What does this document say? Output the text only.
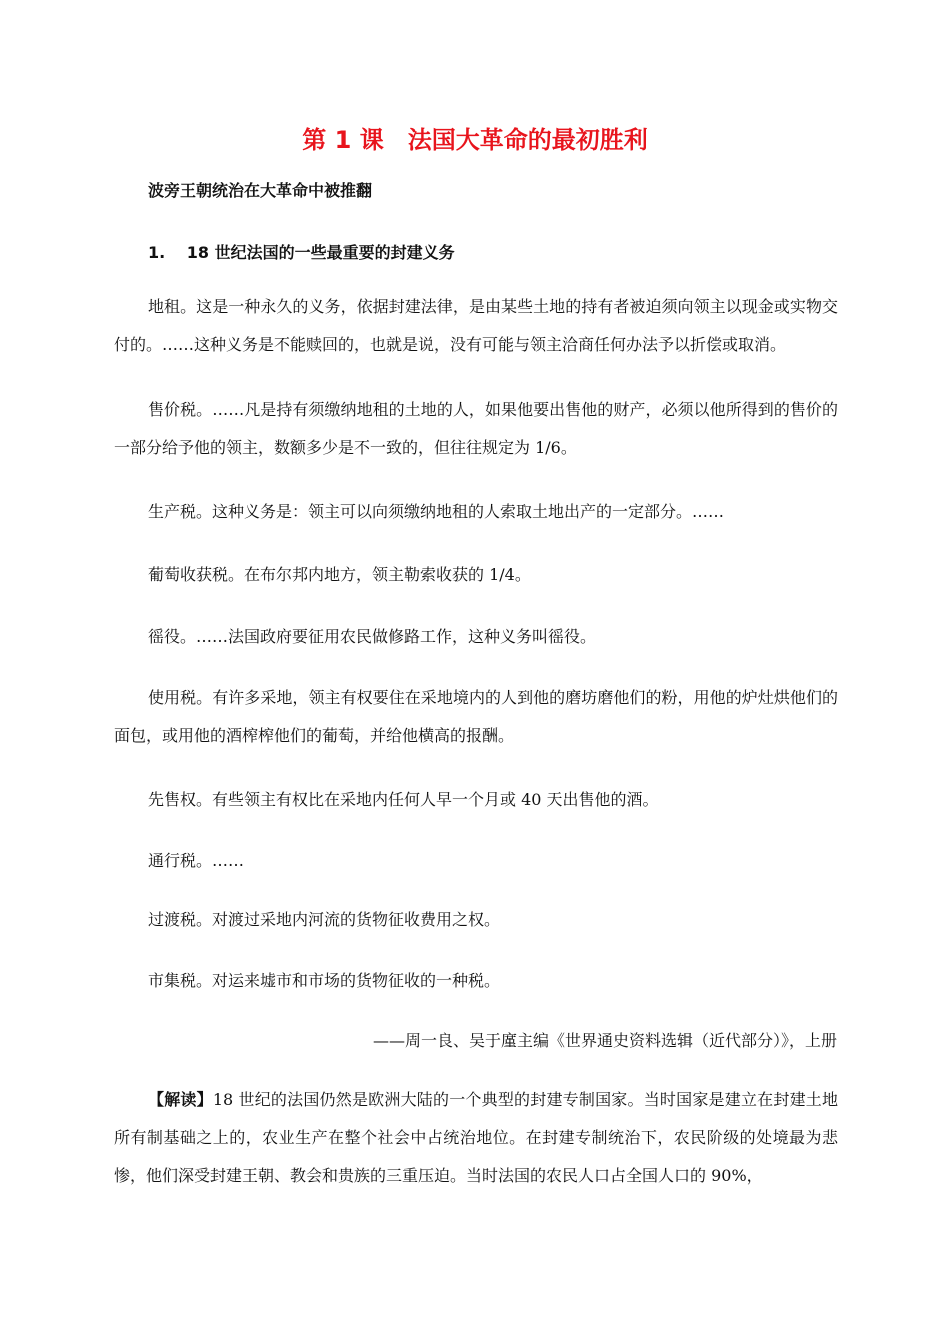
第 1 课　法国大革命的最初胜利
波旁王朝统治在大革命中被推翻
1.　 18 世纪法国的一些最重要的封建义务
地租。这是一种永久的义务，依据封建法律，是由某些土地的持有者被迫须向领主以现金或实物交付的。……这种义务是不能赎回的，也就是说，没有可能与领主洽商任何办法予以折偿或取消。
售价税。……凡是持有须缴纳地租的土地的人，如果他要出售他的财产，必须以他所得到的售价的一部分给予他的领主，数额多少是不一致的，但往往规定为 1/6。
生产税。这种义务是：领主可以向须缴纳地租的人索取土地出产的一定部分。……
葡萄收获税。在布尔邦内地方，领主勒索收获的 1/4。
徭役。……法国政府要征用农民做修路工作，这种义务叫徭役。
使用税。有许多采地，领主有权要住在采地境内的人到他的磨坊磨他们的粉，用他的炉灶烘他们的面包，或用他的酒榨榨他们的葡萄，并给他横高的报酬。
先售权。有些领主有权比在采地内任何人早一个月或 40 天出售他的酒。
通行税。……
过渡税。对渡过采地内河流的货物征收费用之权。
市集税。对运来墟市和市场的货物征收的一种税。
——周一良、吴于廑主编《世界通史资料选辑（近代部分）》，上册
【解读】18 世纪的法国仍然是欧洲大陆的一个典型的封建专制国家。当时国家是建立在封建土地所有制基础之上的，农业生产在整个社会中占统治地位。在封建专制统治下，农民阶级的处境最为悲惨，他们深受封建王朝、教会和贵族的三重压迫。当时法国的农民人口占全国人口的 90%，
